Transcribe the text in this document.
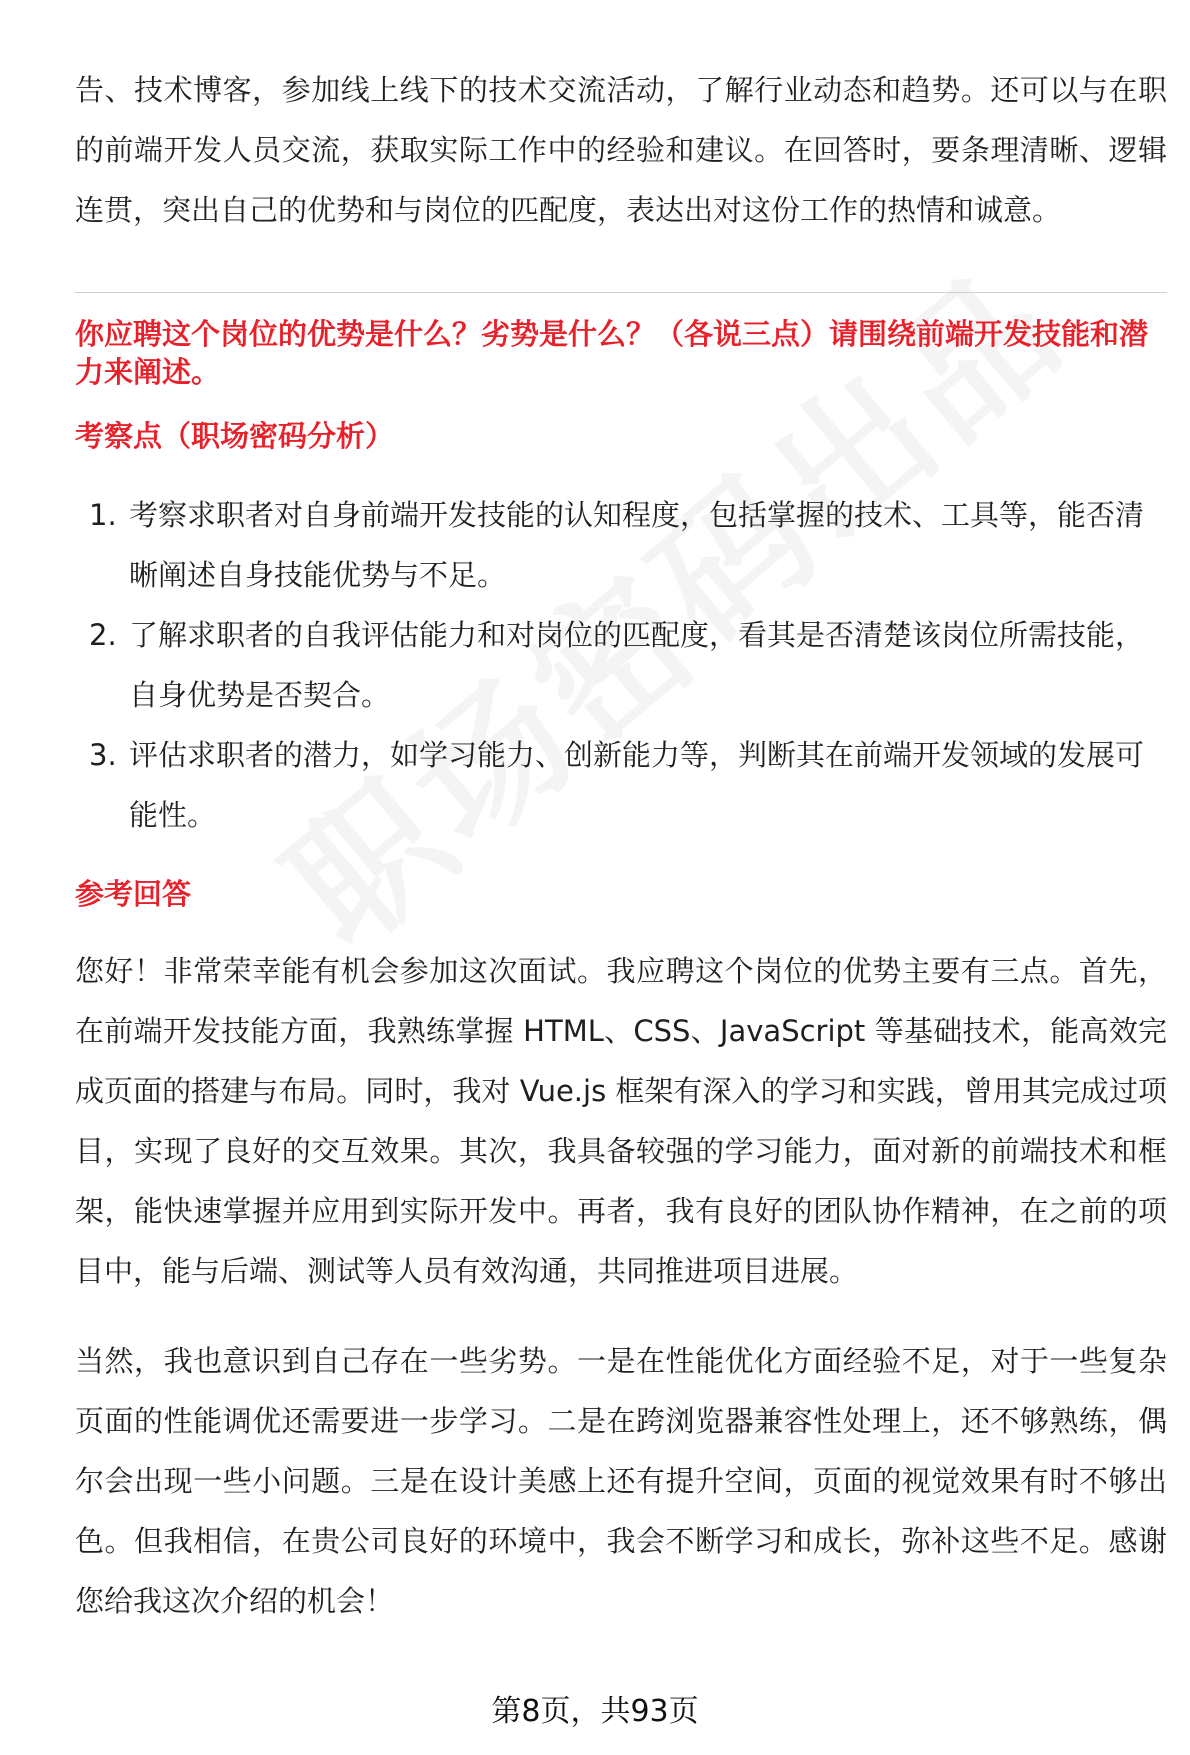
告、技术博客，参加线上线下的技术交流活动，了解行业动态和趋势。还可以与在职的前端开发人员交流，获取实际工作中的经验和建议。在回答时，要条理清晰、逻辑连贯，突出自己的优势和与岗位的匹配度，表达出对这份工作的热情和诚意。

你应聘这个岗位的优势是什么？劣势是什么？（各说三点）请围绕前端开发技能和潜力来阐述。

考察点（职场密码分析）

1. 考察求职者对自身前端开发技能的认知程度，包括掌握的技术、工具等，能否清晰阐述自身技能优势与不足。
2. 了解求职者的自我评估能力和对岗位的匹配度，看其是否清楚该岗位所需技能，自身优势是否契合。
3. 评估求职者的潜力，如学习能力、创新能力等，判断其在前端开发领域的发展可能性。

参考回答

您好！非常荣幸能有机会参加这次面试。我应聘这个岗位的优势主要有三点。首先，在前端开发技能方面，我熟练掌握 HTML、CSS、JavaScript 等基础技术，能高效完成页面的搭建与布局。同时，我对 Vue.js 框架有深入的学习和实践，曾用其完成过项目，实现了良好的交互效果。其次，我具备较强的学习能力，面对新的前端技术和框架，能快速掌握并应用到实际开发中。再者，我有良好的团队协作精神，在之前的项目中，能与后端、测试等人员有效沟通，共同推进项目进展。

当然，我也意识到自己存在一些劣势。一是在性能优化方面经验不足，对于一些复杂页面的性能调优还需要进一步学习。二是在跨浏览器兼容性处理上，还不够熟练，偶尔会出现一些小问题。三是在设计美感上还有提升空间，页面的视觉效果有时不够出色。但我相信，在贵公司良好的环境中，我会不断学习和成长，弥补这些不足。感谢您给我这次介绍的机会！

第8页，共93页
